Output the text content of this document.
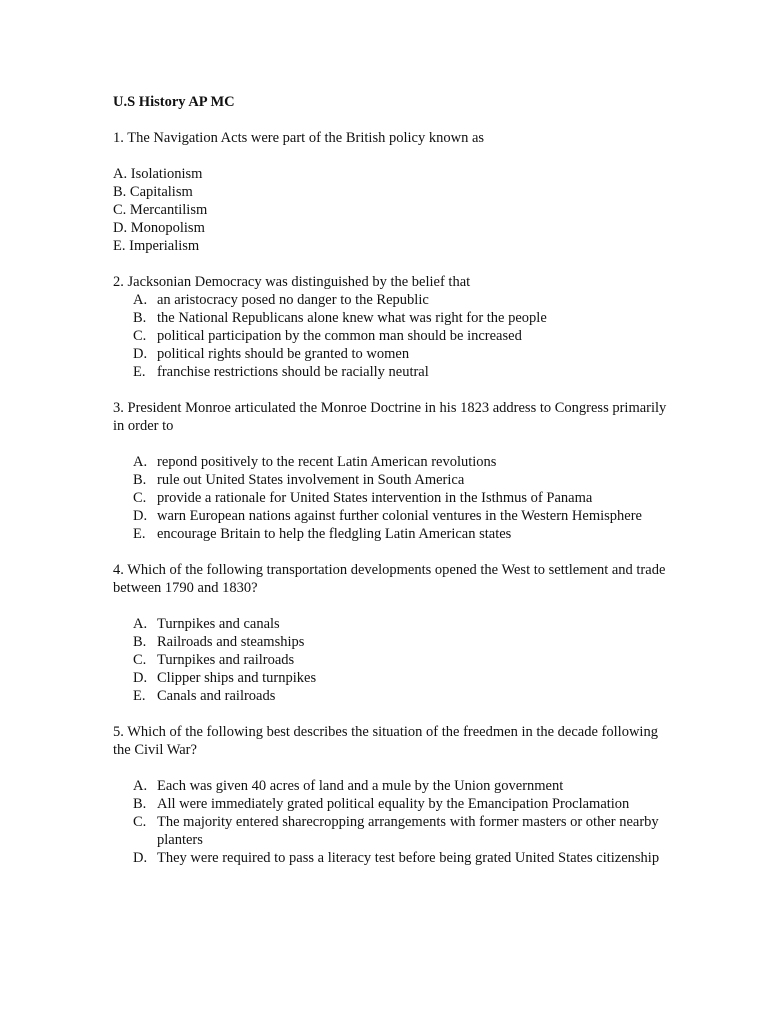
U.S History AP MC

1. The Navigation Acts were part of the British policy known as

A. Isolationism

B. Capitalism

C. Mercantilism

D. Monopolism

E. Imperialism

2. Jacksonian Democracy was distinguished by the belief that

A. an aristocracy posed no danger to the Republic
B. the National Republicans alone knew what was right for the people
C. political participation by the common man should be increased
D. political rights should be granted to women
E. franchise restrictions should be racially neutral

3. President Monroe articulated the Monroe Doctrine in his 1823 address to Congress primarily in order to

A. repond positively to the recent Latin American revolutions
B. rule out United States involvement in South America
C. provide a rationale for United States intervention in the Isthmus of Panama
D. warn European nations against further colonial ventures in the Western Hemisphere
E. encourage Britain to help the fledgling Latin American states

4. Which of the following transportation developments opened the West to settlement and trade between 1790 and 1830?

A. Turnpikes and canals
B. Railroads and steamships
C. Turnpikes and railroads
D. Clipper ships and turnpikes
E. Canals and railroads

5. Which of the following best describes the situation of the freedmen in the decade following the Civil War?

A. Each was given 40 acres of land and a mule by the Union government
B. All were immediately grated political equality by the Emancipation Proclamation
C. The majority entered sharecropping arrangements with former masters or other nearby planters
D. They were required to pass a literacy test before being grated United States citizenship
